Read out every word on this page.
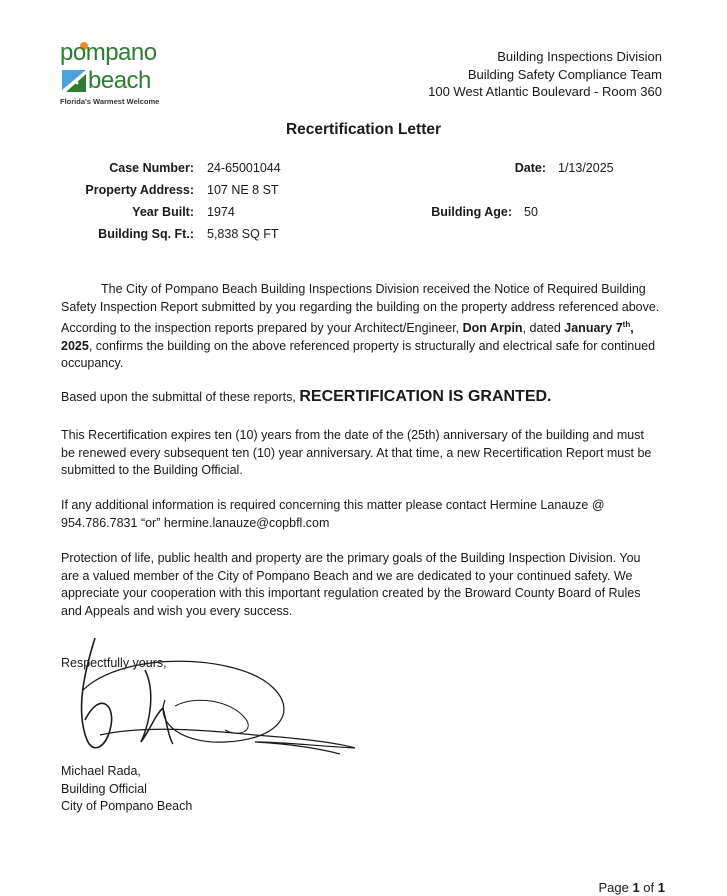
pompano
beach
Florida's Warmest Welcome
Building Inspections Division
Building Safety Compliance Team
100 West Atlantic Boulevard - Room 360
Recertification Letter
Case Number: 24-65001044	Date: 1/13/2025
Property Address: 107 NE 8 ST
Year Built: 1974	Building Age: 50
Building Sq. Ft.: 5,838 SQ FT

The City of Pompano Beach Building Inspections Division received the Notice of Required Building Safety Inspection Report submitted by you regarding the building on the property address referenced above. According to the inspection reports prepared by your Architect/Engineer, Don Arpin, dated January 7th, 2025, confirms the building on the above referenced property is structurally and electrical safe for continued occupancy.

Based upon the submittal of these reports, RECERTIFICATION IS GRANTED.

This Recertification expires ten (10) years from the date of the (25th) anniversary of the building and must be renewed every subsequent ten (10) year anniversary. At that time, a new Recertification Report must be submitted to the Building Official.

If any additional information is required concerning this matter please contact Hermine Lanauze @ 954.786.7831 “or” hermine.lanauze@copbfl.com

Protection of life, public health and property are the primary goals of the Building Inspection Division. You are a valued member of the City of Pompano Beach and we are dedicated to your continued safety. We appreciate your cooperation with this important regulation created by the Broward County Board of Rules and Appeals and wish you every success.

Respectfully yours,
Michael Rada,
Building Official
City of Pompano Beach
Page 1 of 1
